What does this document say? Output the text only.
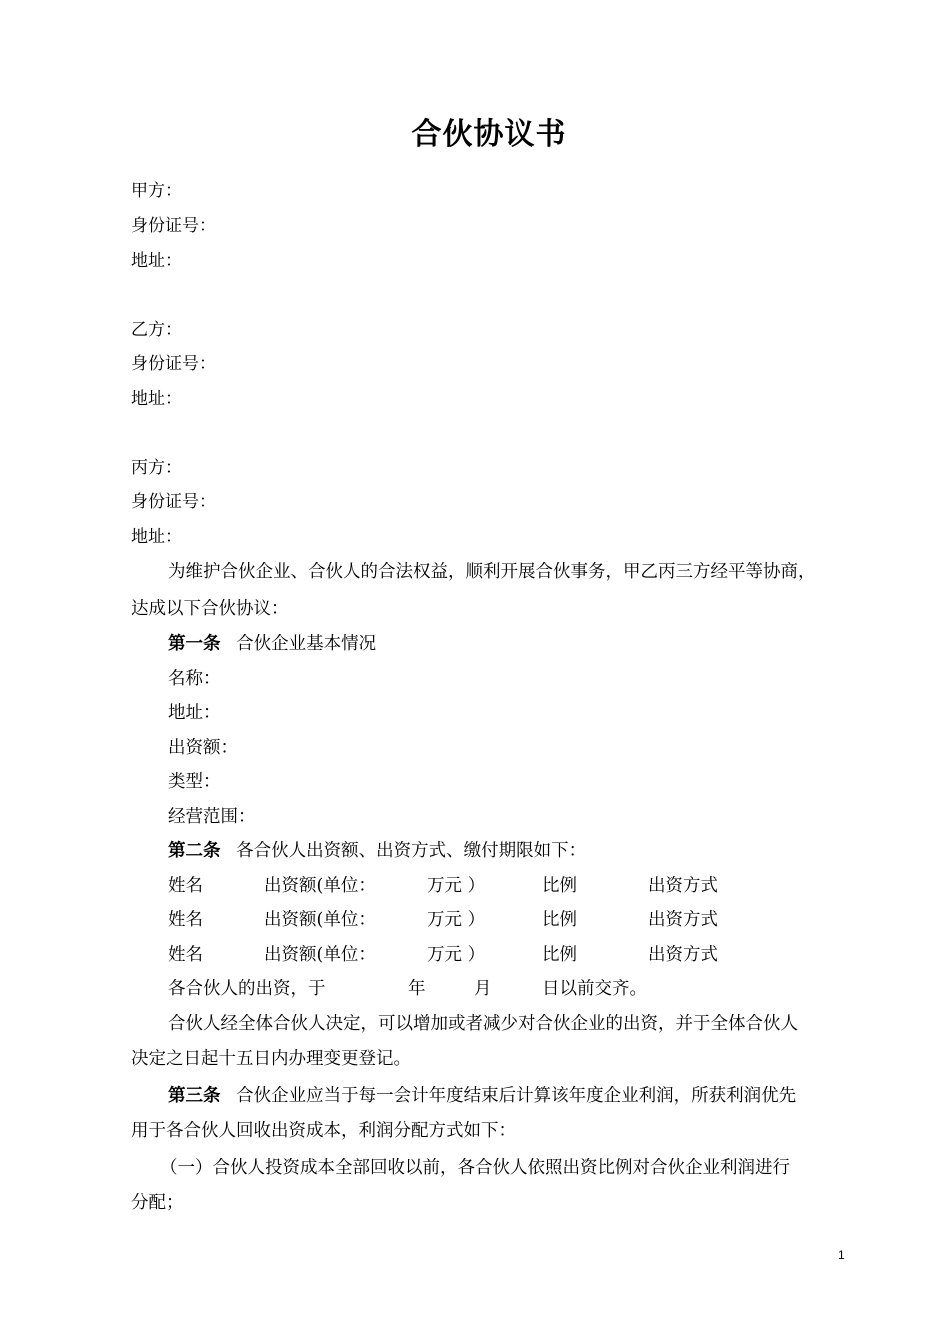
合伙协议书
甲方：
身份证号：
地址：
乙方：
身份证号：
地址：
丙方：
身份证号：
地址：
为维护合伙企业、合伙人的合法权益，顺利开展合伙事务，甲乙丙三方经平等协商，
达成以下合伙协议：
第一条 合伙企业基本情况
名称：
地址：
出资额：
类型：
经营范围：
第二条 各合伙人出资额、出资方式、缴付期限如下：
姓名	出资额(单位：	万元 ）	比例	出资方式
姓名	出资额(单位：	万元 ）	比例	出资方式
姓名	出资额(单位：	万元 ）	比例	出资方式
各合伙人的出资，于	年	月	日以前交齐。
合伙人经全体合伙人决定，可以增加或者减少对合伙企业的出资，并于全体合伙人
决定之日起十五日内办理变更登记。
第三条 合伙企业应当于每一会计年度结束后计算该年度企业利润，所获利润优先
用于各合伙人回收出资成本，利润分配方式如下：
（一）合伙人投资成本全部回收以前，各合伙人依照出资比例对合伙企业利润进行
分配；
1
